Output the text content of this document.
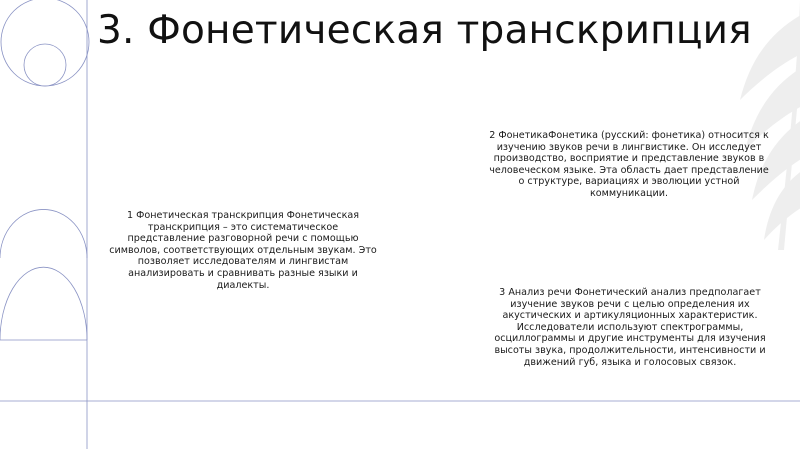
3. Фонетическая транскрипция
1 Фонетическая транскрипция Фонетическая транскрипция – это систематическое представление разговорной речи с помощью символов, соответствующих отдельным звукам. Это позволяет исследователям и лингвистам анализировать и сравнивать разные языки и диалекты.
2 ФонетикаФонетика (русский: фонетика) относится к изучению звуков речи в лингвистике. Он исследует производство, восприятие и представление звуков в человеческом языке. Эта область дает представление о структуре, вариациях и эволюции устной коммуникации.
3 Анализ речи Фонетический анализ предполагает изучение звуков речи с целью определения их акустических и артикуляционных характеристик. Исследователи используют спектрограммы, осциллограммы и другие инструменты для изучения высоты звука, продолжительности, интенсивности и движений губ, языка и голосовых связок.
